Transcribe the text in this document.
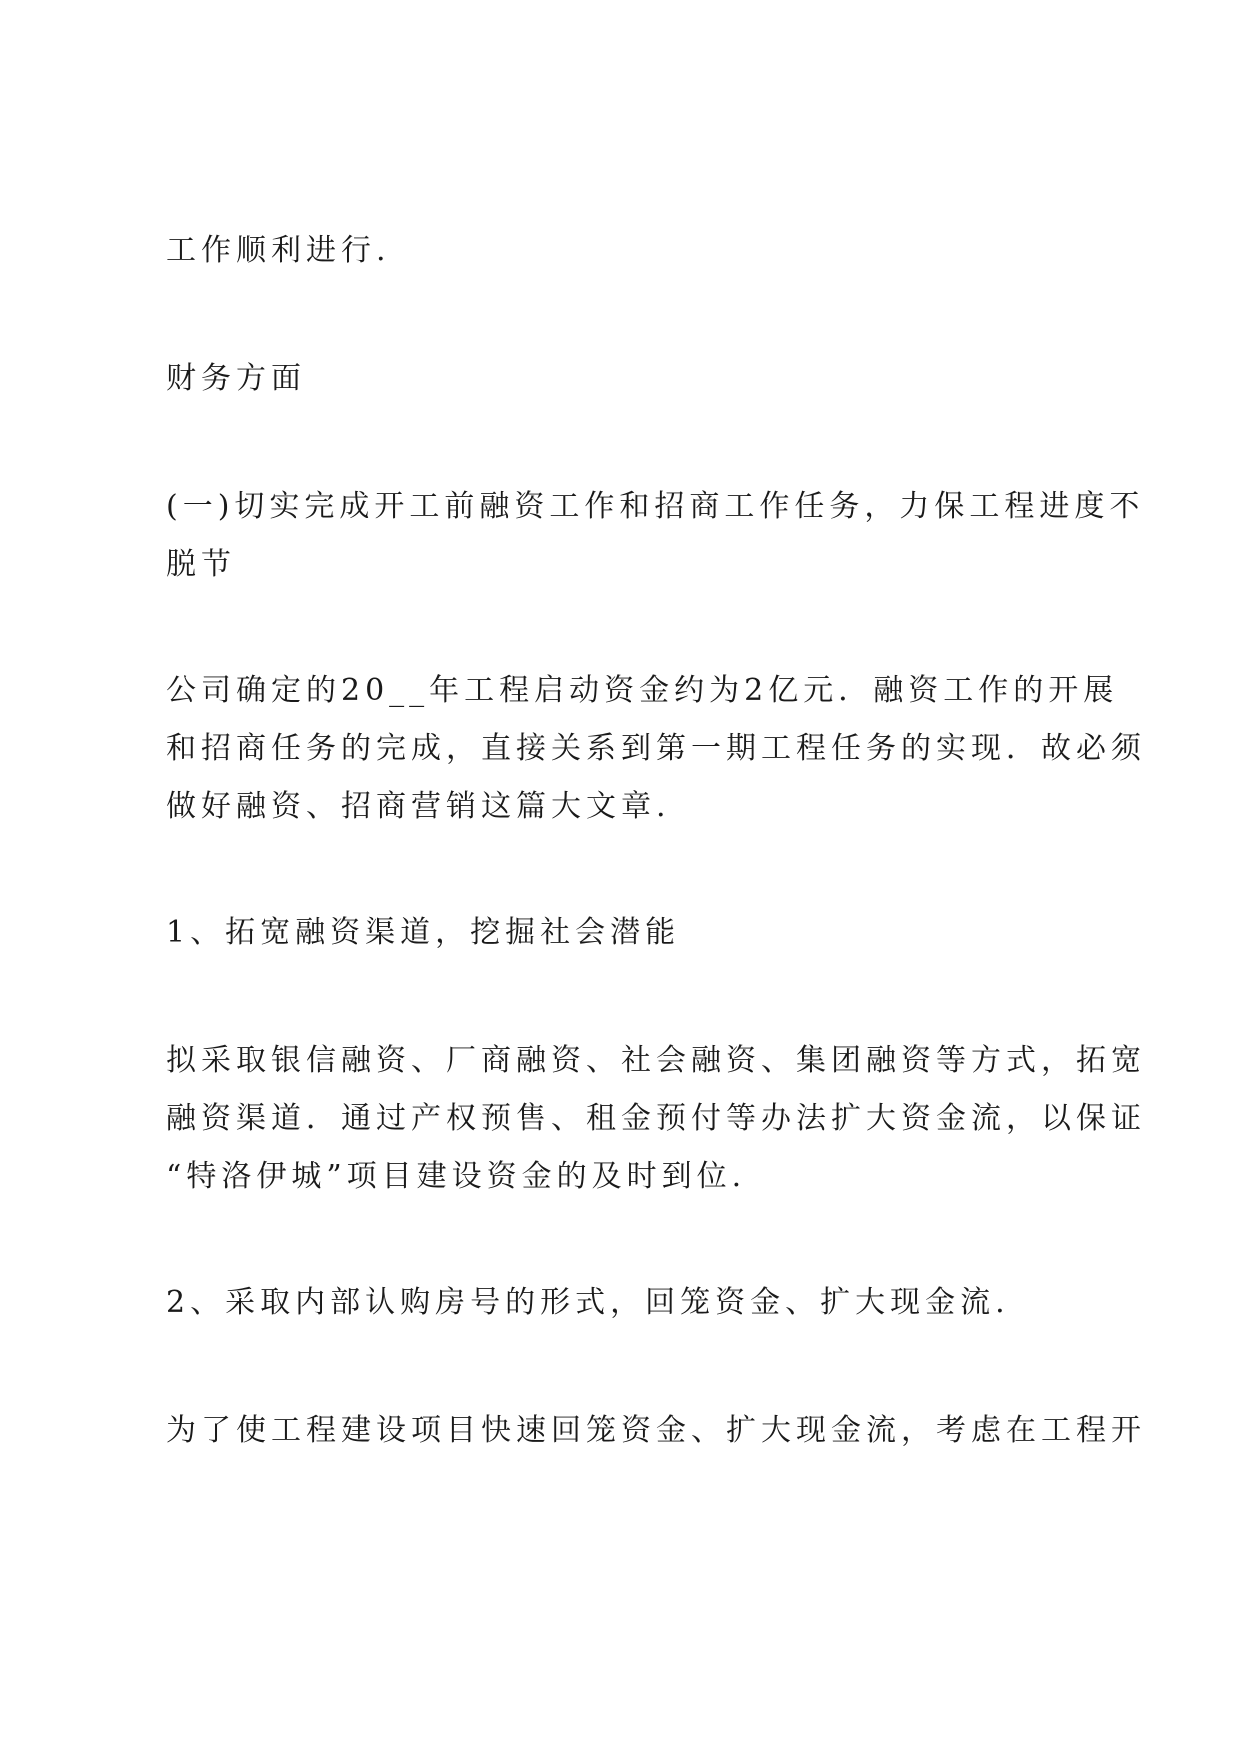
工作顺利进行.
财务方面
(一)切实完成开工前融资工作和招商工作任务，力保工程进度不
脱节
公司确定的20__年工程启动资金约为2亿元．融资工作的开展
和招商任务的完成，直接关系到第一期工程任务的实现．故必须
做好融资、招商营销这篇大文章.
1、拓宽融资渠道，挖掘社会潜能
拟采取银信融资、厂商融资、社会融资、集团融资等方式，拓宽
融资渠道．通过产权预售、租金预付等办法扩大资金流，以保证
“特洛伊城”项目建设资金的及时到位.
2、采取内部认购房号的形式，回笼资金、扩大现金流.
为了使工程建设项目快速回笼资金、扩大现金流，考虑在工程开
